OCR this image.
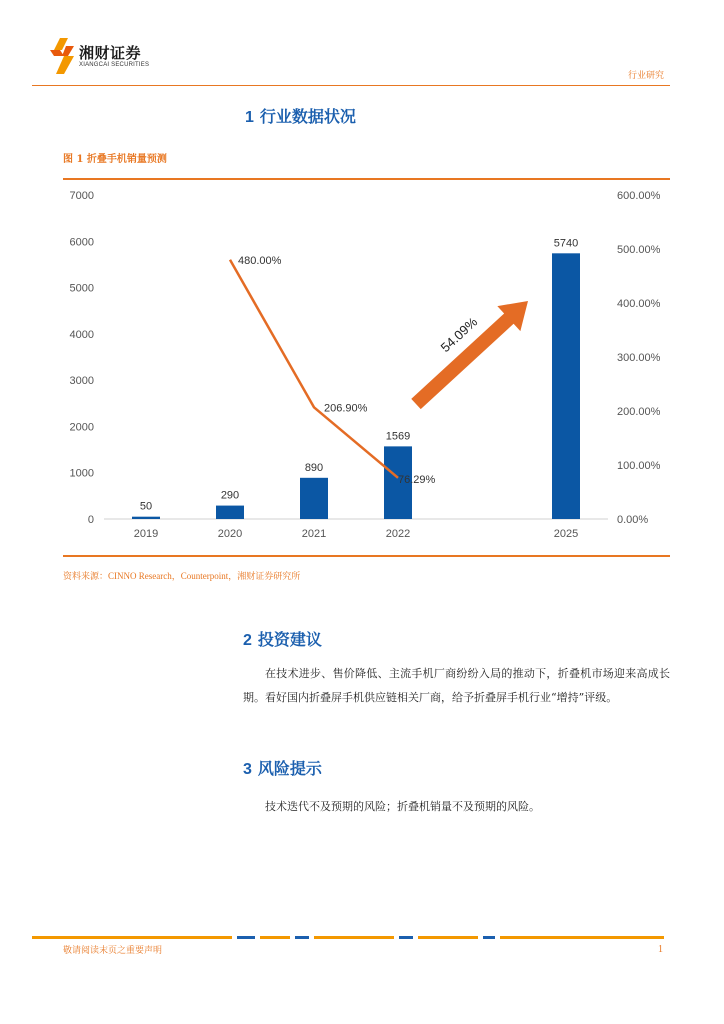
湘财证券
XIANGCAI SECURITIES
行业研究
1 行业数据状况
图 1 折叠手机销量预测
0
1000
2000
3000
4000
5000
6000
7000
0.00%
100.00%
200.00%
300.00%
400.00%
500.00%
600.00%
50
290
890
1569
5740
2019	2020	2021	2022	2025
480.00%
206.90%
76.29%
54.09%
资料来源：CINNO Research，Counterpoint，湘财证券研究所
2 投资建议
在技术进步、售价降低、主流手机厂商纷纷入局的推动下，折叠机市场迎来高成长期。看好国内折叠屏手机供应链相关厂商，给予折叠屏手机行业“增持”评级。
3 风险提示
技术迭代不及预期的风险；折叠机销量不及预期的风险。
敬请阅读末页之重要声明	1
